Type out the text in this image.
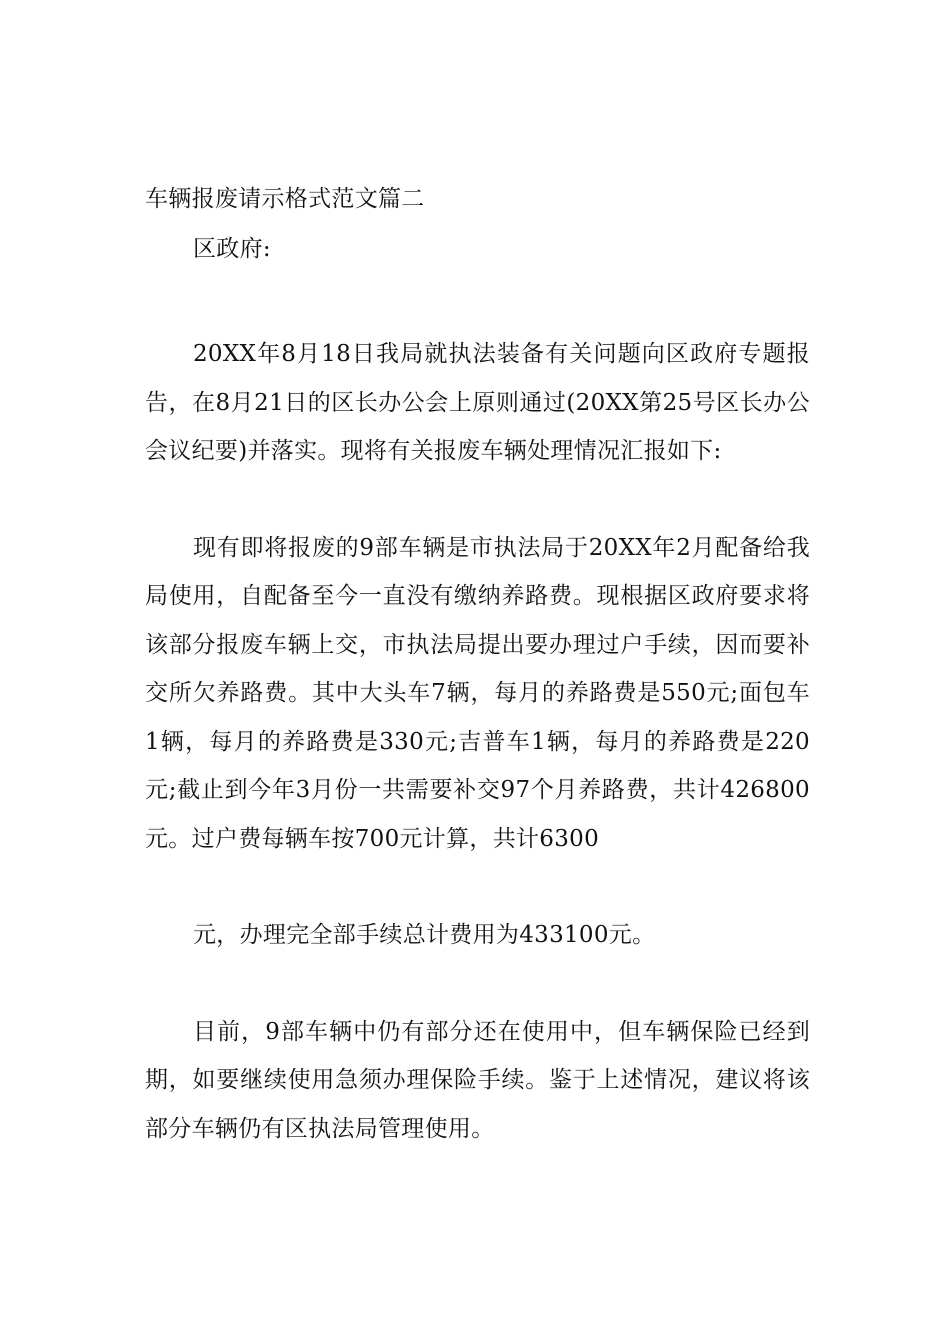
车辆报废请示格式范文篇二
区政府:

20XX年8月18日我局就执法装备有关问题向区政府专题报告，在8月21日的区长办公会上原则通过(20XX第25号区长办公会议纪要)并落实。现将有关报废车辆处理情况汇报如下:

现有即将报废的9部车辆是市执法局于20XX年2月配备给我局使用，自配备至今一直没有缴纳养路费。现根据区政府要求将该部分报废车辆上交，市执法局提出要办理过户手续，因而要补交所欠养路费。其中大头车7辆，每月的养路费是550元;面包车1辆，每月的养路费是330元;吉普车1辆，每月的养路费是220元;截止到今年3月份一共需要补交97个月养路费，共计426800元。过户费每辆车按700元计算，共计6300

元，办理完全部手续总计费用为433100元。

目前，9部车辆中仍有部分还在使用中，但车辆保险已经到期，如要继续使用急须办理保险手续。鉴于上述情况，建议将该部分车辆仍有区执法局管理使用。
